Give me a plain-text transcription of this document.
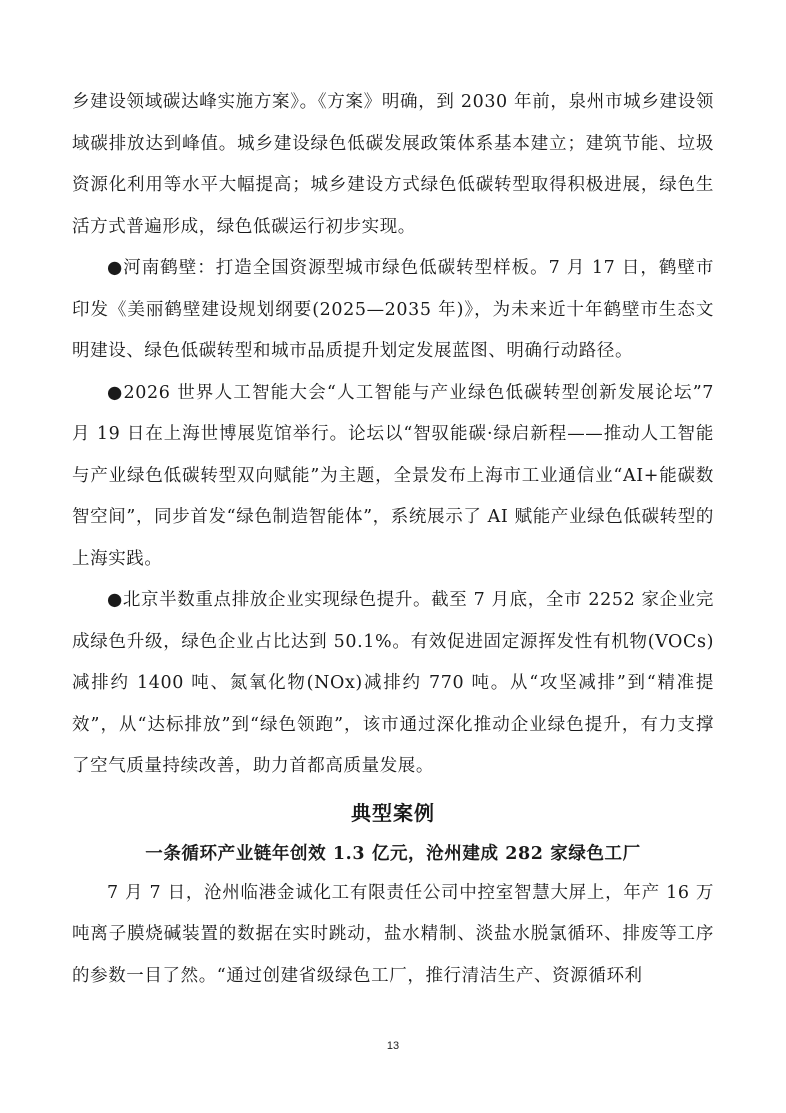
乡建设领域碳达峰实施方案》。《方案》明确，到 2030 年前，泉州市城乡建设领域碳排放达到峰值。城乡建设绿色低碳发展政策体系基本建立；建筑节能、垃圾资源化利用等水平大幅提高；城乡建设方式绿色低碳转型取得积极进展，绿色生活方式普遍形成，绿色低碳运行初步实现。

●河南鹤壁：打造全国资源型城市绿色低碳转型样板。7 月 17 日，鹤壁市印发《美丽鹤壁建设规划纲要(2025—2035 年)》，为未来近十年鹤壁市生态文明建设、绿色低碳转型和城市品质提升划定发展蓝图、明确行动路径。

●2026 世界人工智能大会“人工智能与产业绿色低碳转型创新发展论坛”7 月 19 日在上海世博展览馆举行。论坛以“智驭能碳·绿启新程——推动人工智能与产业绿色低碳转型双向赋能”为主题，全景发布上海市工业通信业“AI+能碳数智空间”，同步首发“绿色制造智能体”，系统展示了 AI 赋能产业绿色低碳转型的上海实践。

●北京半数重点排放企业实现绿色提升。截至 7 月底，全市 2252 家企业完成绿色升级，绿色企业占比达到 50.1%。有效促进固定源挥发性有机物(VOCs)减排约 1400 吨、氮氧化物(NOx)减排约 770 吨。从“攻坚减排”到“精准提效”，从“达标排放”到“绿色领跑”，该市通过深化推动企业绿色提升，有力支撑了空气质量持续改善，助力首都高质量发展。

典型案例
一条循环产业链年创效 1.3 亿元，沧州建成 282 家绿色工厂

7 月 7 日，沧州临港金诚化工有限责任公司中控室智慧大屏上，年产 16 万吨离子膜烧碱装置的数据在实时跳动，盐水精制、淡盐水脱氯循环、排废等工序的参数一目了然。“通过创建省级绿色工厂，推行清洁生产、资源循环利

13
